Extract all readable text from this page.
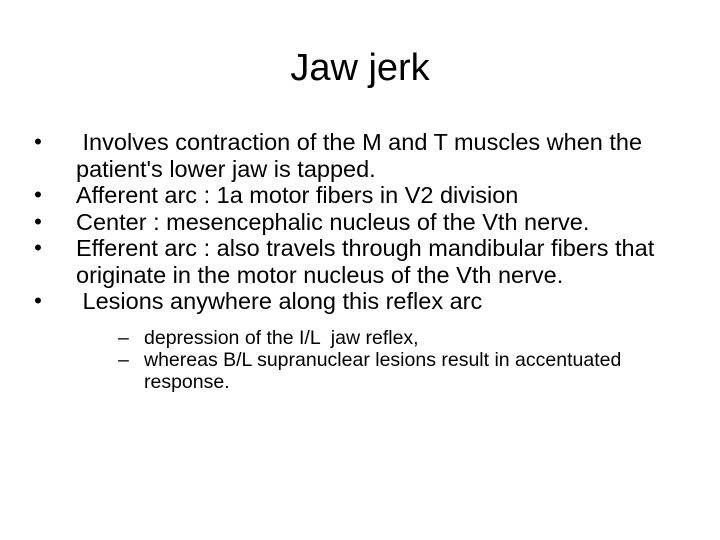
Jaw jerk
• Involves contraction of the M and T muscles when the patient's lower jaw is tapped.
• Afferent arc : 1a motor fibers in V2 division
• Center : mesencephalic nucleus of the Vth nerve.
• Efferent arc : also travels through mandibular fibers that originate in the motor nucleus of the Vth nerve.
• Lesions anywhere along this reflex arc
– depression of the I/L  jaw reflex,
– whereas B/L supranuclear lesions result in accentuated response.
